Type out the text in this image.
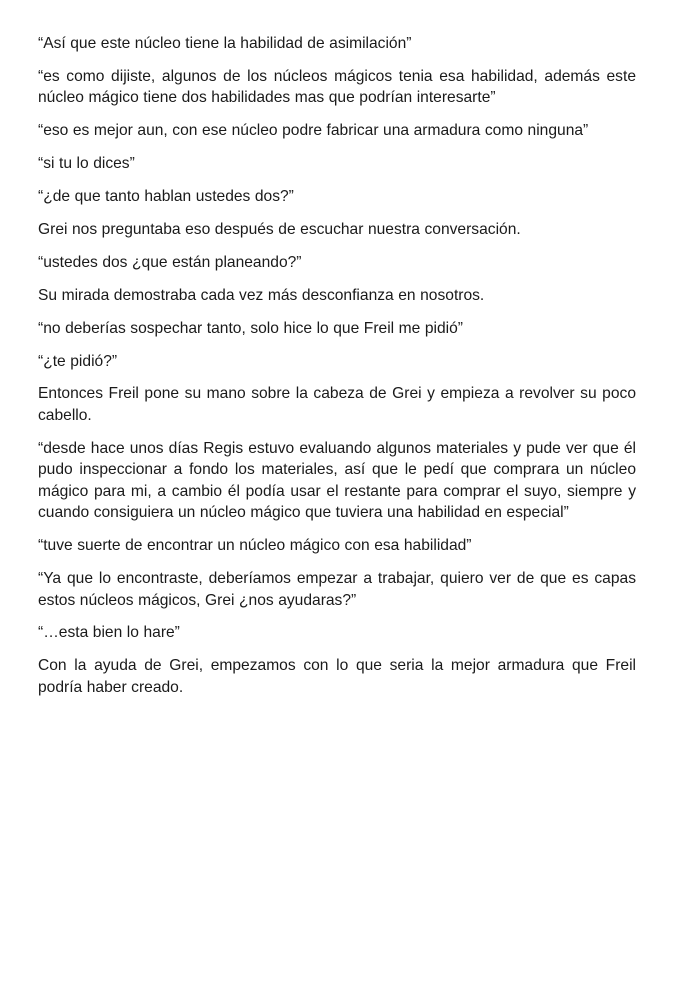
“Así que este núcleo tiene la habilidad de asimilación”

“es como dijiste, algunos de los núcleos mágicos tenia esa habilidad, además este núcleo mágico tiene dos habilidades mas que podrían interesarte”

“eso es mejor aun, con ese núcleo podre fabricar una armadura como ninguna”

“si tu lo dices”

“¿de que tanto hablan ustedes dos?”

Grei nos preguntaba eso después de escuchar nuestra conversación.

“ustedes dos ¿que están planeando?”

Su mirada demostraba cada vez más desconfianza en nosotros.

“no deberías sospechar tanto, solo hice lo que Freil me pidió”

“¿te pidió?”

Entonces Freil pone su mano sobre la cabeza de Grei y empieza a revolver su poco cabello.

“desde hace unos días Regis estuvo evaluando algunos materiales y pude ver que él pudo inspeccionar a fondo los materiales, así que le pedí que comprara un núcleo mágico para mi, a cambio él podía usar el restante para comprar el suyo, siempre y cuando consiguiera un núcleo mágico que tuviera una habilidad en especial”

“tuve suerte de encontrar un núcleo mágico con esa habilidad”

“Ya que lo encontraste, deberíamos empezar a trabajar, quiero ver de que es capas estos núcleos mágicos, Grei ¿nos ayudaras?”

“…esta bien lo hare”

Con la ayuda de Grei, empezamos con lo que seria la mejor armadura que Freil podría haber creado.
